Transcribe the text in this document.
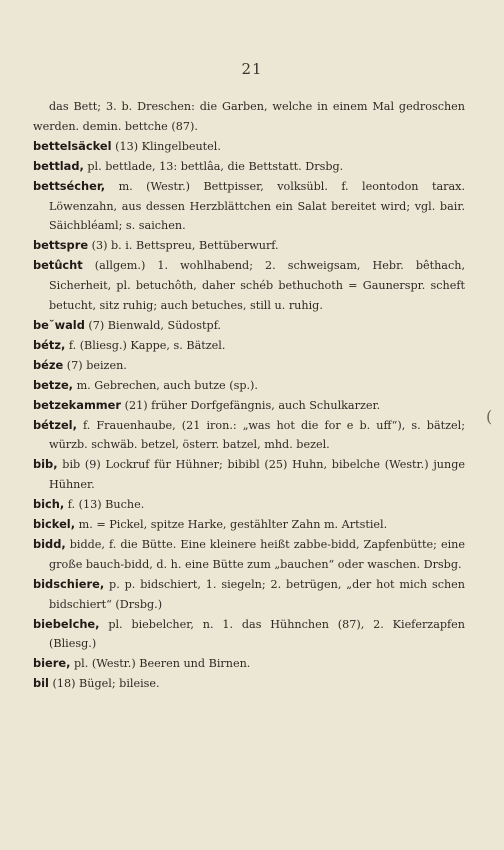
21
das Bett; 3. b. Dreschen: die Garben, welche in einem Mal gedroschen werden. demin. bettche (87).
bettelsäckel (13) Klingelbeutel.
bettlad, pl. bettlade, 13: bettlâa, die Bettstatt. Drsbg.
bettsécher, m. (Westr.) Bettpisser, volksübl. f. leontodon tarax. Löwenzahn, aus dessen Herzblättchen ein Salat bereitet wird; vgl. bair. Säichbléaml; s. saichen.
bettspre (3) b. i. Bettspreu, Bettüberwurf.
betûcht (allgem.) 1. wohlhabend; 2. schweigsam, Hebr. bêthach, Sicherheit, pl. betuchôth, daher schéb bethuchoth = Gaunerspr. scheft betucht, sitz ruhig; auch betuches, still u. ruhig.
be˘wald (7) Bienwald, Südostpf.
bétz, f. (Bliesg.) Kappe, s. Bätzel.
béze (7) beizen.
betze, m. Gebrechen, auch butze (sp.).
betzekammer (21) früher Dorfgefängnis, auch Schulkarzer.
bétzel, f. Frauenhaube, (21 iron.: „was hot die for e b. uff“), s. bätzel; würzb. schwäb. betzel, österr. batzel, mhd. bezel.
bib, bib (9) Lockruf für Hühner; bibibl (25) Huhn, bibelche (Westr.) junge Hühner.
bich, f. (13) Buche.
bickel, m. = Pickel, spitze Harke, gestählter Zahn m. Artstiel.
bidd, bidde, f. die Bütte. Eine kleinere heißt zabbe-bidd, Zapfenbütte; eine große bauch-bidd, d. h. eine Bütte zum „bauchen“ oder waschen. Drsbg.
bidschiere, p. p. bidschiert, 1. siegeln; 2. betrügen, „der hot mich schen bidschiert“ (Drsbg.)
biebelche, pl. biebelcher, n. 1. das Hühnchen (87), 2. Kieferzapfen (Bliesg.)
biere, pl. (Westr.) Beeren und Birnen.
bil (18) Bügel; bileise.
(
